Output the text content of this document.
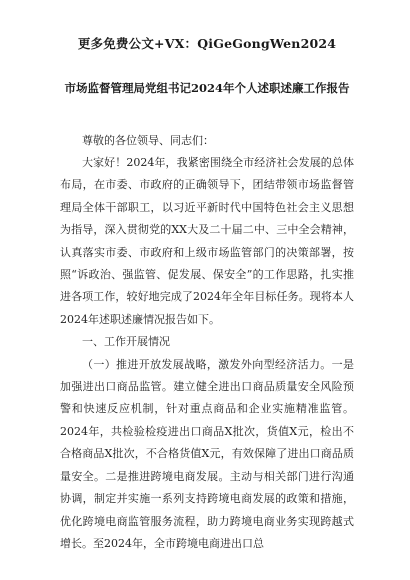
更多免费公文+VX：QiGeGongWen2024
市场监督管理局党组书记2024年个人述职述廉工作报告
尊敬的各位领导、同志们：

大家好！2024年，我紧密围绕全市经济社会发展的总体布局，在市委、市政府的正确领导下，团结带领市场监督管理局全体干部职工，以习近平新时代中国特色社会主义思想为指导，深入贯彻党的XX大及二十届二中、三中全会精神，认真落实市委、市政府和上级市场监管部门的决策部署，按照“诉政治、强监管、促发展、保安全”的工作思路，扎实推进各项工作，较好地完成了2024年全年目标任务。现将本人2024年述职述廉情况报告如下。

一、工作开展情况

（一）推进开放发展战略，激发外向型经济活力。一是加强进出口商品监管。建立健全进出口商品质量安全风险预警和快速反应机制，针对重点商品和企业实施精准监管。2024年，共检验检疫进出口商品X批次，货值X元，检出不合格商品X批次，不合格货值X元，有效保障了进出口商品质量安全。二是推进跨境电商发展。主动与相关部门进行沟通协调，制定并实施一系列支持跨境电商发展的政策和措施，优化跨境电商监管服务流程，助力跨境电商业务实现跨越式增长。至2024年，全市跨境电商进出口总
